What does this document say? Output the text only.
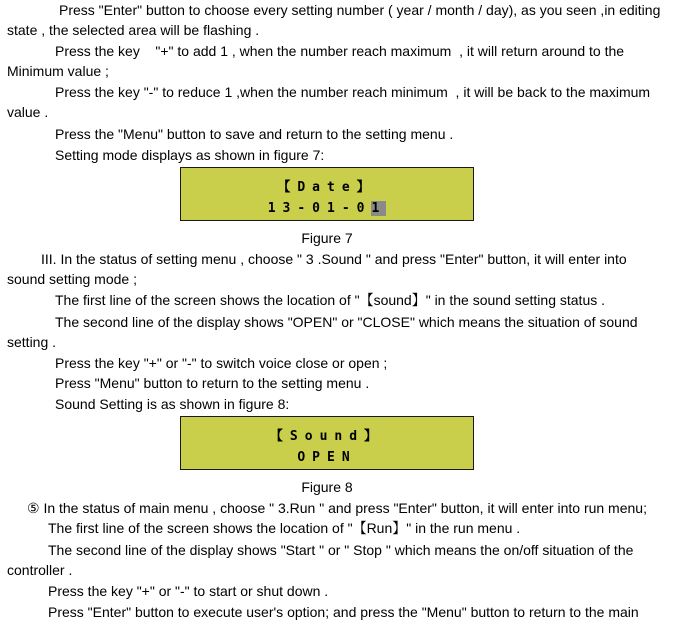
Press "Enter" button to choose every setting number ( year / month / day), as you seen ,in editing
state , the selected area will be flashing .
Press the key    "+" to add 1 , when the number reach maximum  , it will return around to the
Minimum value ;
Press the key "-" to reduce 1 ,when the number reach minimum  , it will be back to the maximum
value .
Press the "Menu" button to save and return to the setting menu .
Setting mode displays as shown in figure 7:
【Date】
13-01-01
Figure 7
III. In the status of setting menu , choose " 3 .Sound " and press "Enter" button, it will enter into
sound setting mode ;
The first line of the screen shows the location of "【sound】" in the sound setting status .
The second line of the display shows "OPEN" or "CLOSE" which means the situation of sound
setting .
Press the key "+" or "-" to switch voice close or open ;
Press "Menu" button to return to the setting menu .
Sound Setting is as shown in figure 8:
【Sound】
OPEN
Figure 8
⑤ In the status of main menu , choose " 3.Run " and press "Enter" button, it will enter into run menu;
The first line of the screen shows the location of "【Run】" in the run menu .
The second line of the display shows "Start " or " Stop " which means the on/off situation of the
controller .
Press the key "+" or "-" to start or shut down .
Press "Enter" button to execute user's option; and press the "Menu" button to return to the main
